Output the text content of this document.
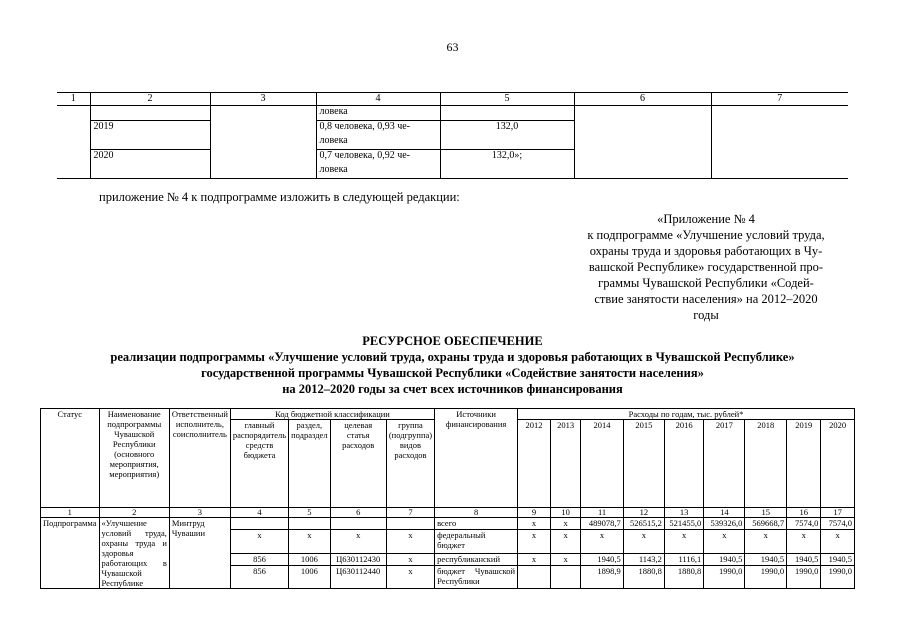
63
1	2	3	4	5	6	7
			ловека			
	2019		0,8 человека, 0,93 че-	132,0		
			ловека			
	2020		0,7 человека, 0,92 че-	132,0»;		
			ловека			
приложение № 4 к подпрограмме изложить в следующей редакции:
«Приложение № 4
к подпрограмме «Улучшение условий труда,
охраны труда и здоровья работающих в Чу-
вашской Республике» государственной про-
граммы Чувашской Республики «Содей-
ствие занятости населения» на 2012–2020
годы
РЕСУРСНОЕ ОБЕСПЕЧЕНИЕ
реализации подпрограммы «Улучшение условий труда, охраны труда и здоровья работающих в Чувашской Республике»
государственной программы Чувашской Республики «Содействие занятости населения»
на 2012–2020 годы за счет всех источников финансирования
Статус	Наименование подпрограммы Чувашской Республики (основного мероприятия, мероприятия)	Ответственный исполнитель, соисполнитель	Код бюджетной классификации				Источники финансирования	Расходы по годам, тыс. рублей*								
			главный распорядитель средств бюджета	раздел, подраздел	целевая статья расходов	группа (подгруппа) видов расходов		2012	2013	2014	2015	2016	2017	2018	2019	2020
1	2	3	4	5	6	7	8	9	10	11	12	13	14	15	16	17
Подпрограмма	«Улучшение условий труда, охраны труда и здоровья работающих в Чувашской Республике	Минтруд Чувашии					всего	x	x	489078,7	526515,2	521455,0	539326,0	569668,7	7574,0	7574,0
			x	x	x	x	федеральный бюджет	x	x	x	x	x	x	x	x	x
			856	1006	Ц630112430	x	республиканский	x	x	1940,5	1143,2	1116,1	1940,5	1940,5	1940,5	1940,5
			856	1006	Ц630112440	x	бюджет Чувашской Республики			1898,9	1880,8	1880,8	1990,0	1990,0	1990,0	1990,0
